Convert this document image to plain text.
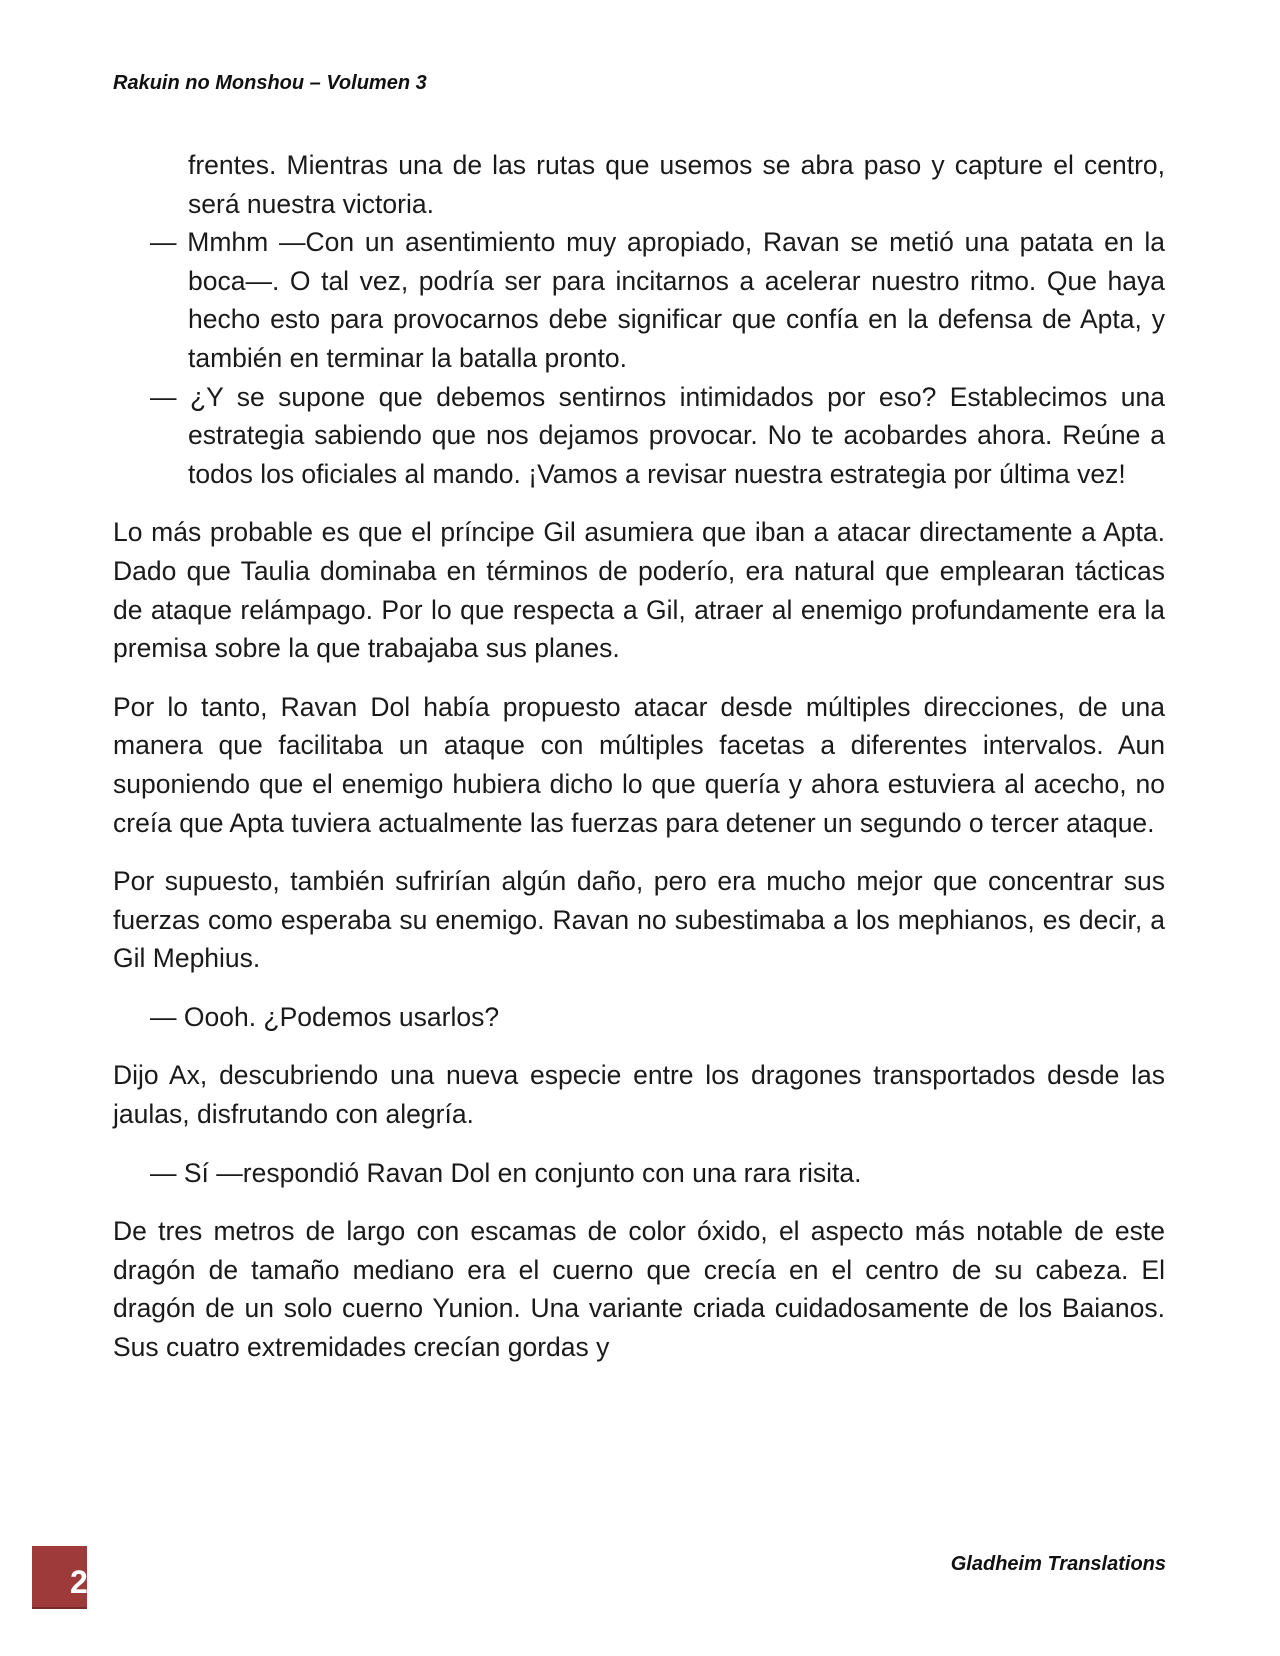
Rakuin no Monshou – Volumen 3

frentes. Mientras una de las rutas que usemos se abra paso y capture el centro, será nuestra victoria.

— Mmhm —Con un asentimiento muy apropiado, Ravan se metió una patata en la boca—. O tal vez, podría ser para incitarnos a acelerar nuestro ritmo. Que haya hecho esto para provocarnos debe significar que confía en la defensa de Apta, y también en terminar la batalla pronto.

— ¿Y se supone que debemos sentirnos intimidados por eso? Establecimos una estrategia sabiendo que nos dejamos provocar. No te acobardes ahora. Reúne a todos los oficiales al mando. ¡Vamos a revisar nuestra estrategia por última vez!

Lo más probable es que el príncipe Gil asumiera que iban a atacar directamente a Apta. Dado que Taulia dominaba en términos de poderío, era natural que emplearan tácticas de ataque relámpago. Por lo que respecta a Gil, atraer al enemigo profundamente era la premisa sobre la que trabajaba sus planes.

Por lo tanto, Ravan Dol había propuesto atacar desde múltiples direcciones, de una manera que facilitaba un ataque con múltiples facetas a diferentes intervalos. Aun suponiendo que el enemigo hubiera dicho lo que quería y ahora estuviera al acecho, no creía que Apta tuviera actualmente las fuerzas para detener un segundo o tercer ataque.

Por supuesto, también sufrirían algún daño, pero era mucho mejor que concentrar sus fuerzas como esperaba su enemigo. Ravan no subestimaba a los mephianos, es decir, a Gil Mephius.

— Oooh. ¿Podemos usarlos?

Dijo Ax, descubriendo una nueva especie entre los dragones transportados desde las jaulas, disfrutando con alegría.

— Sí —respondió Ravan Dol en conjunto con una rara risita.

De tres metros de largo con escamas de color óxido, el aspecto más notable de este dragón de tamaño mediano era el cuerno que crecía en el centro de su cabeza. El dragón de un solo cuerno Yunion. Una variante criada cuidadosamente de los Baianos. Sus cuatro extremidades crecían gordas y

2	Gladheim Translations
